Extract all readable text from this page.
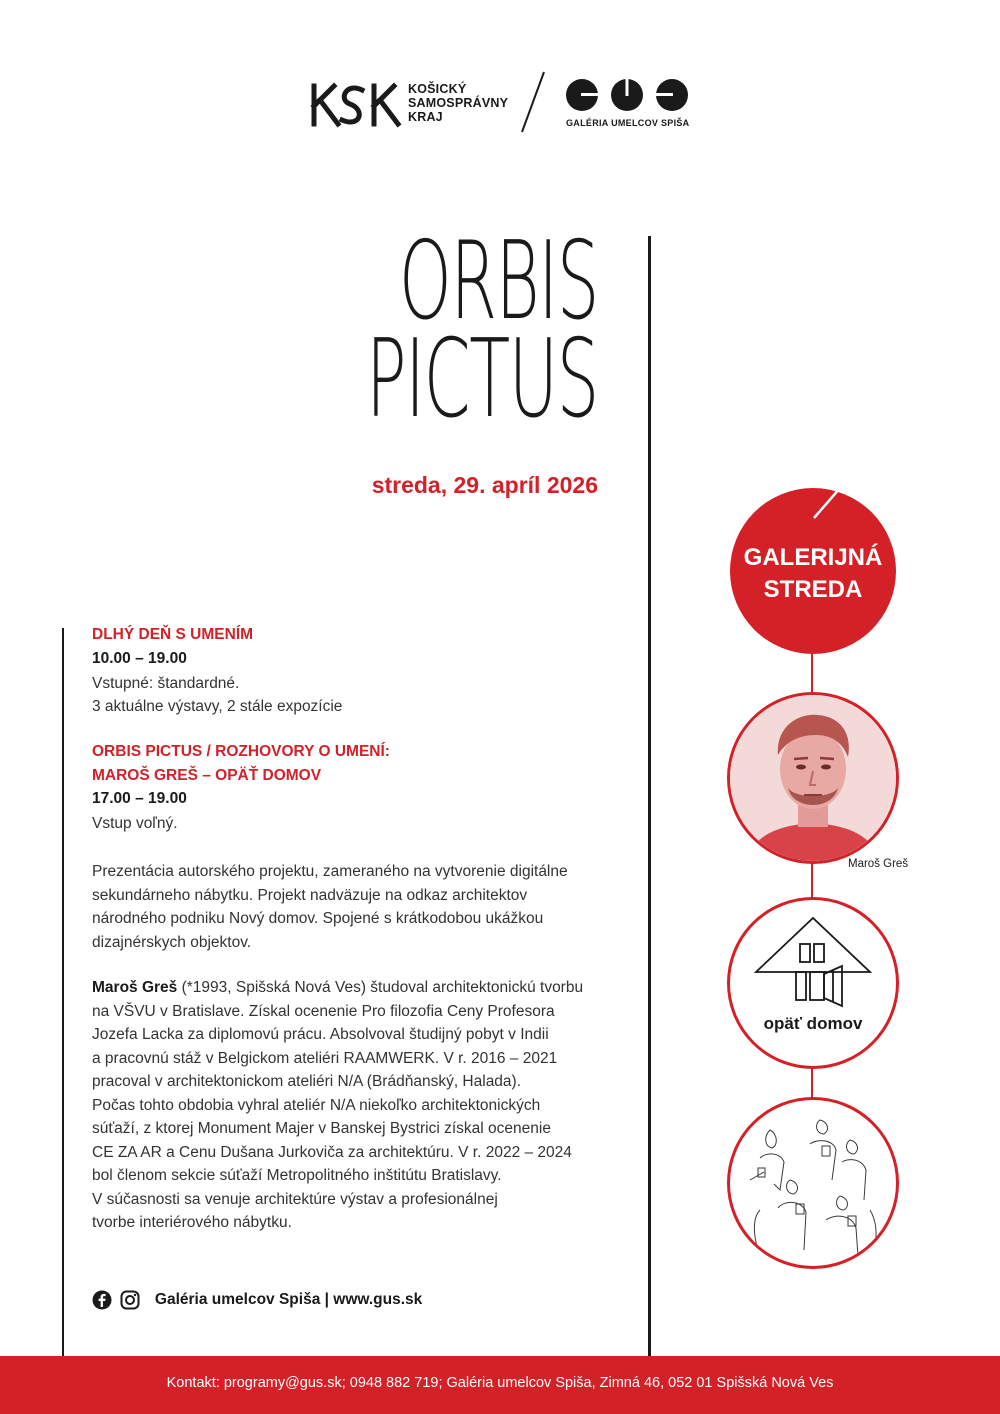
KOŠICKÝ
SAMOSPRÁVNY
KRAJ	GALÉRIA UMELCOV SPIŠA
ORBIS
PICTUS
streda, 29. apríl 2026
DLHÝ DEŇ S UMENÍM
10.00 – 19.00
Vstupné: štandardné.
3 aktuálne výstavy, 2 stále expozície
ORBIS PICTUS / ROZHOVORY O UMENÍ:
MAROŠ GREŠ – OPÄŤ DOMOV
17.00 – 19.00
Vstup voľný.
Prezentácia autorského projektu, zameraného na vytvorenie digitálne
sekundárneho nábytku. Projekt nadväzuje na odkaz architektov
národného podniku Nový domov. Spojené s krátkodobou ukážkou
dizajnérskych objektov.
Maroš Greš (*1993, Spišská Nová Ves) študoval architektonickú tvorbu
na VŠVU v Bratislave. Získal ocenenie Pro filozofia Ceny Profesora
Jozefa Lacka za diplomovú prácu. Absolvoval študijný pobyt v Indii
a pracovnú stáž v Belgickom ateliéri RAAMWERK. V r. 2016 – 2021
pracoval v architektonickom ateliéri N/A (Brádňanský, Halada).
Počas tohto obdobia vyhral ateliér N/A niekoľko architektonických
súťaží, z ktorej Monument Majer v Banskej Bystrici získal ocenenie
CE ZA AR a Cenu Dušana Jurkoviča za architektúru. V r. 2022 – 2024
bol členom sekcie súťaží Metropolitného inštitútu Bratislavy.
V súčasnosti sa venuje architektúre výstav a profesionálnej
tvorbe interiérového nábytku.
Galéria umelcov Spiša | www.gus.sk
GALERIJNÁ
STREDA
Maroš Greš
opäť domov
Kontakt: programy@gus.sk; 0948 882 719; Galéria umelcov Spiša, Zimná 46, 052 01 Spišská Nová Ves
